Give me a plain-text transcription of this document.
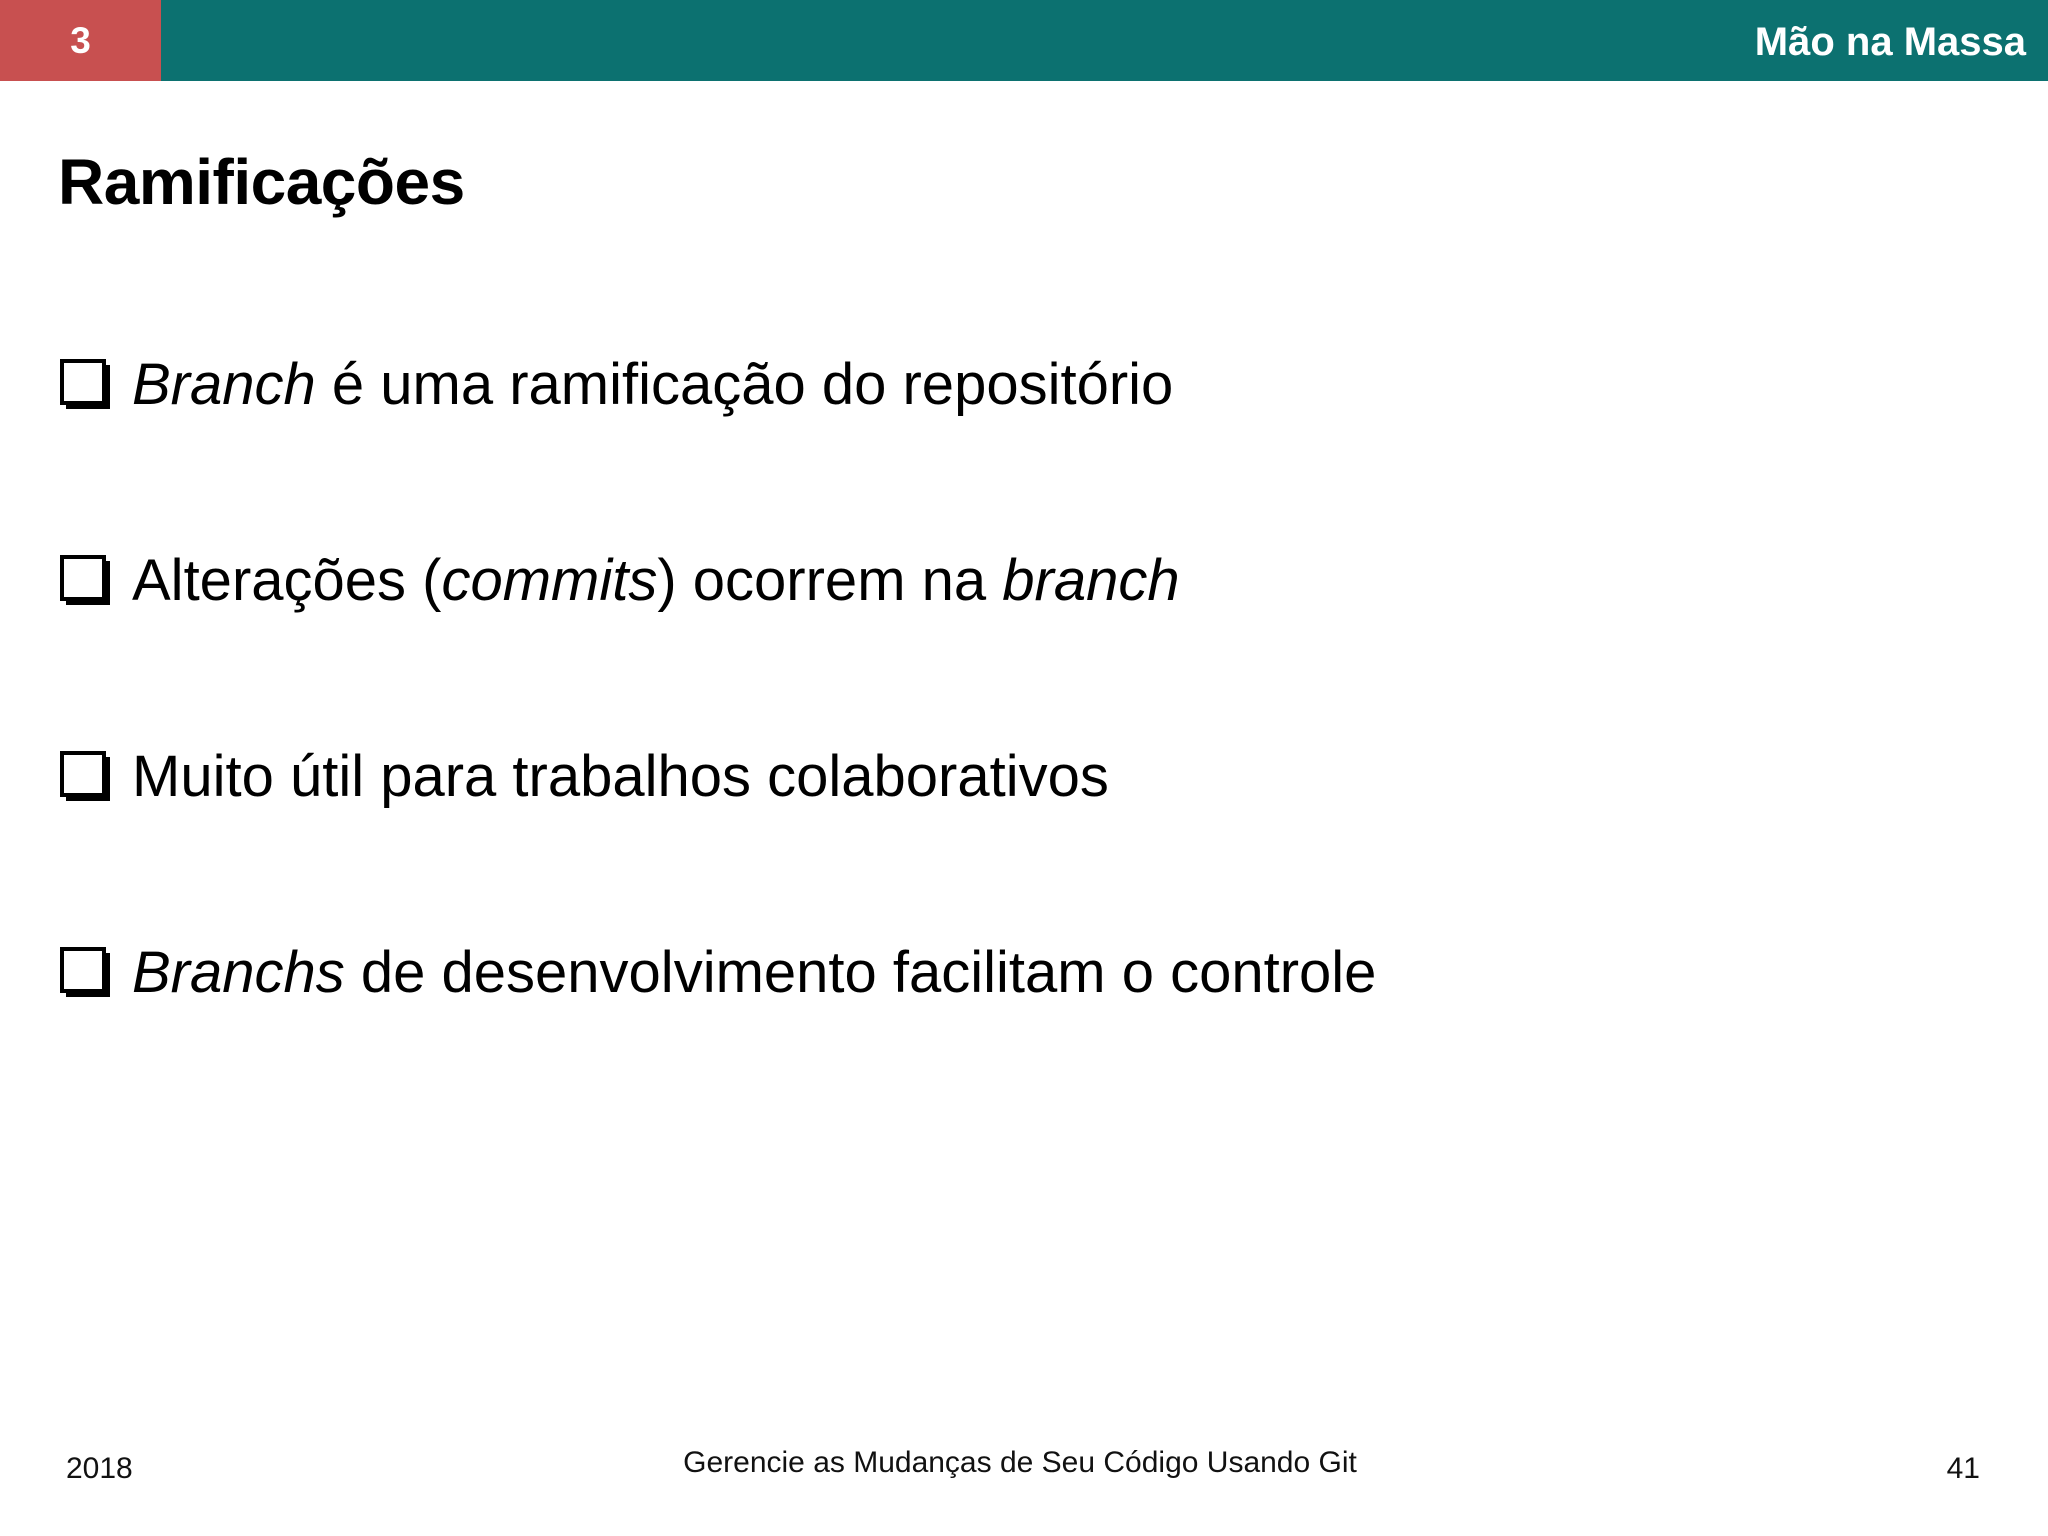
3	Mão na Massa
Ramificações
Branch é uma ramificação do repositório
Alterações (commits) ocorrem na branch
Muito útil para trabalhos colaborativos
Branchs de desenvolvimento facilitam o controle
2018	Gerencie as Mudanças de Seu Código Usando Git	41
